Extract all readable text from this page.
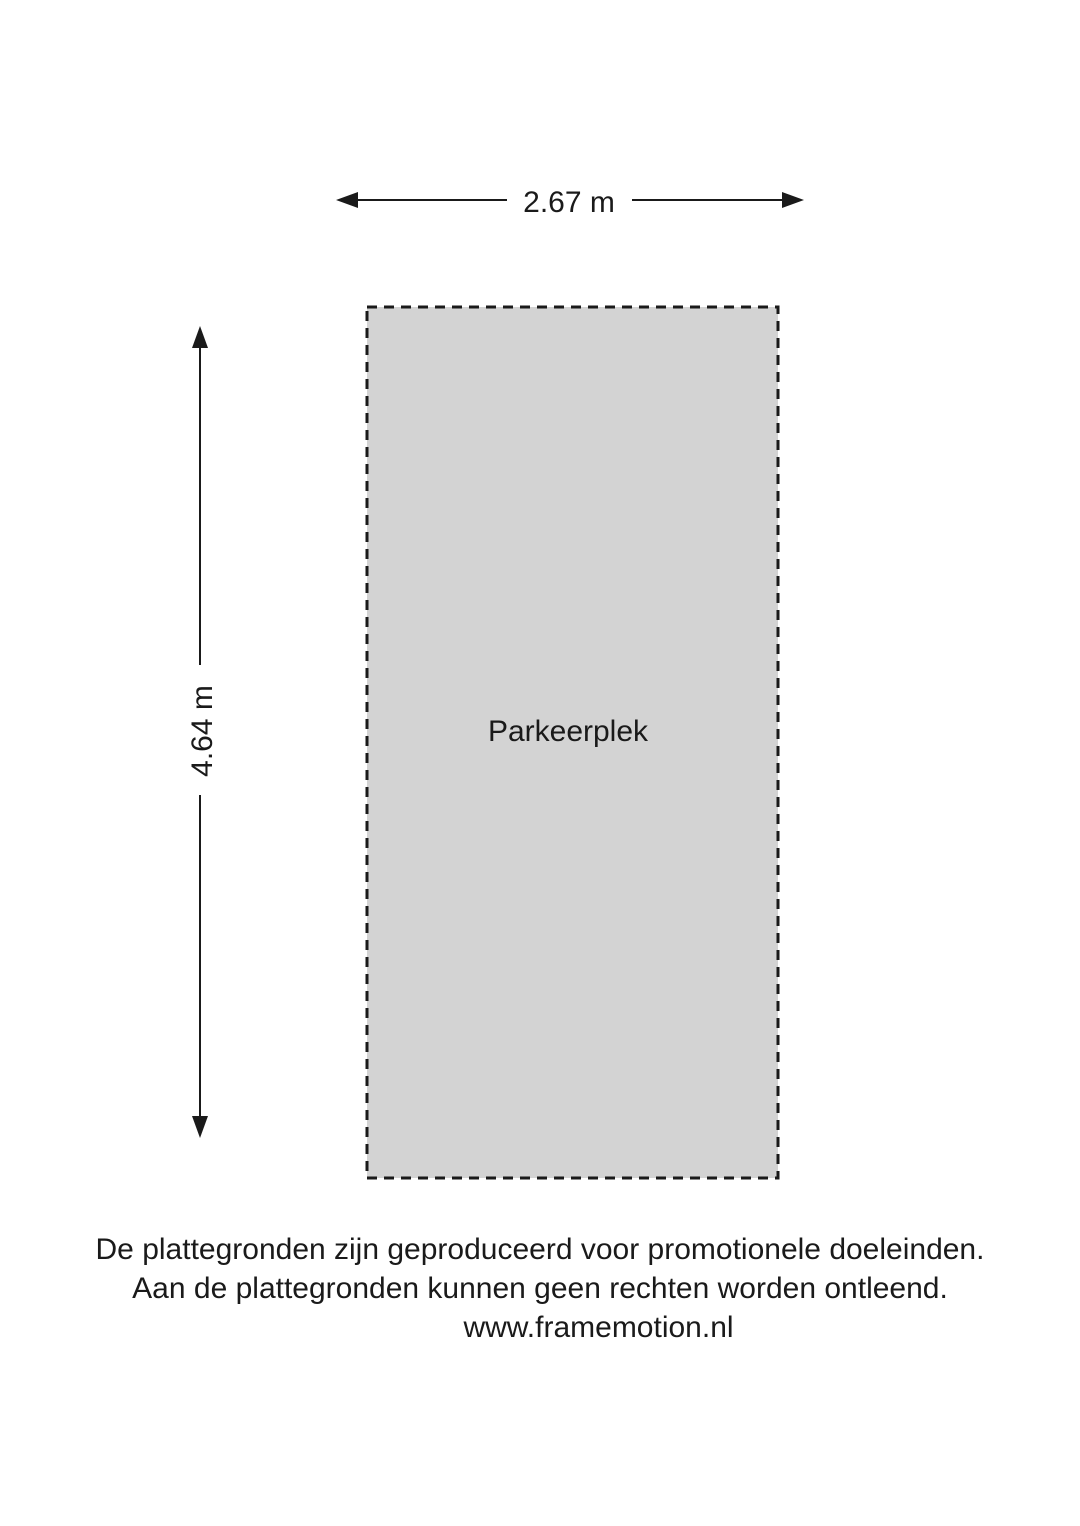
2.67 m
4.64 m	Parkeerplek
De plattegronden zijn geproduceerd voor promotionele doeleinden.
Aan de plattegronden kunnen geen rechten worden ontleend.
www.framemotion.nl
